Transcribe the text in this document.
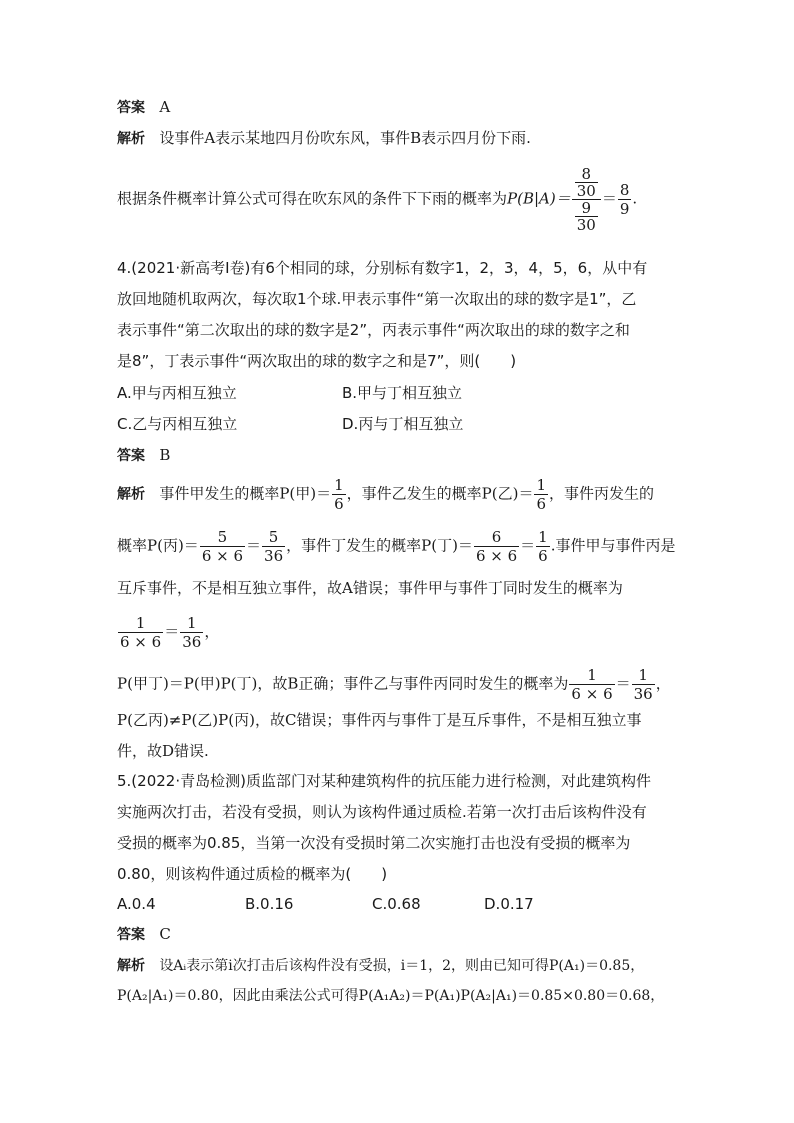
答案 A
解析 设事件A表示某地四月份吹东风，事件B表示四月份下雨.
根据条件概率计算公式可得在吹东风的条件下下雨的概率为$P(B|A)= \frac{\frac{8}{30}}{\frac{9}{30}} = \frac{8}{9}$ .
4.(2021·新高考Ⅰ卷)有6个相同的球，分别标有数字1，2，3，4，5，6，从中有
放回地随机取两次，每次取1个球.甲表示事件“第一次取出的球的数字是1”，乙
表示事件“第二次取出的球的数字是2”，丙表示事件“两次取出的球的数字之和
是8”，丁表示事件“两次取出的球的数字之和是7”，则(　　)
A.甲与丙相互独立	B.甲与丁相互独立
C.乙与丙相互独立	D.丙与丁相互独立
答案 B
解析 事件甲发生的概率P(甲)＝ $\frac{1}{6}$ ，事件乙发生的概率P(乙)＝ $\frac{1}{6}$ ，事件丙发生的
概率P(丙)＝ $\frac{5}{6 \times 6} = \frac{5}{36}$ ，事件丁发生的概率P(丁)＝ $\frac{6}{6 \times 6} = \frac{1}{6}$ .事件甲与事件丙是
互斥事件，不是相互独立事件，故A错误；事件甲与事件丁同时发生的概率为
$\frac{1}{6 \times 6} = \frac{1}{36}$ ，
P(甲丁)＝P(甲)P(丁)，故B正确；事件乙与事件丙同时发生的概率为 $\frac{1}{6 \times 6} = \frac{1}{36}$ ，
P(乙丙)≠P(乙)P(丙)，故C错误；事件丙与事件丁是互斥事件，不是相互独立事
件，故D错误.
5.(2022·青岛检测)质监部门对某种建筑构件的抗压能力进行检测，对此建筑构件
实施两次打击，若没有受损，则认为该构件通过质检.若第一次打击后该构件没有
受损的概率为0.85，当第一次没有受损时第二次实施打击也没有受损的概率为
0.80，则该构件通过质检的概率为(　　)
A.0.4	B.0.16	C.0.68	D.0.17
答案 C
解析 设Aᵢ表示第i次打击后该构件没有受损，i＝1，2，则由已知可得P(A₁)＝0.85，
P(A₂|A₁)＝0.80，因此由乘法公式可得P(A₁A₂)＝P(A₁)P(A₂|A₁)＝0.85×0.80＝0.68，
